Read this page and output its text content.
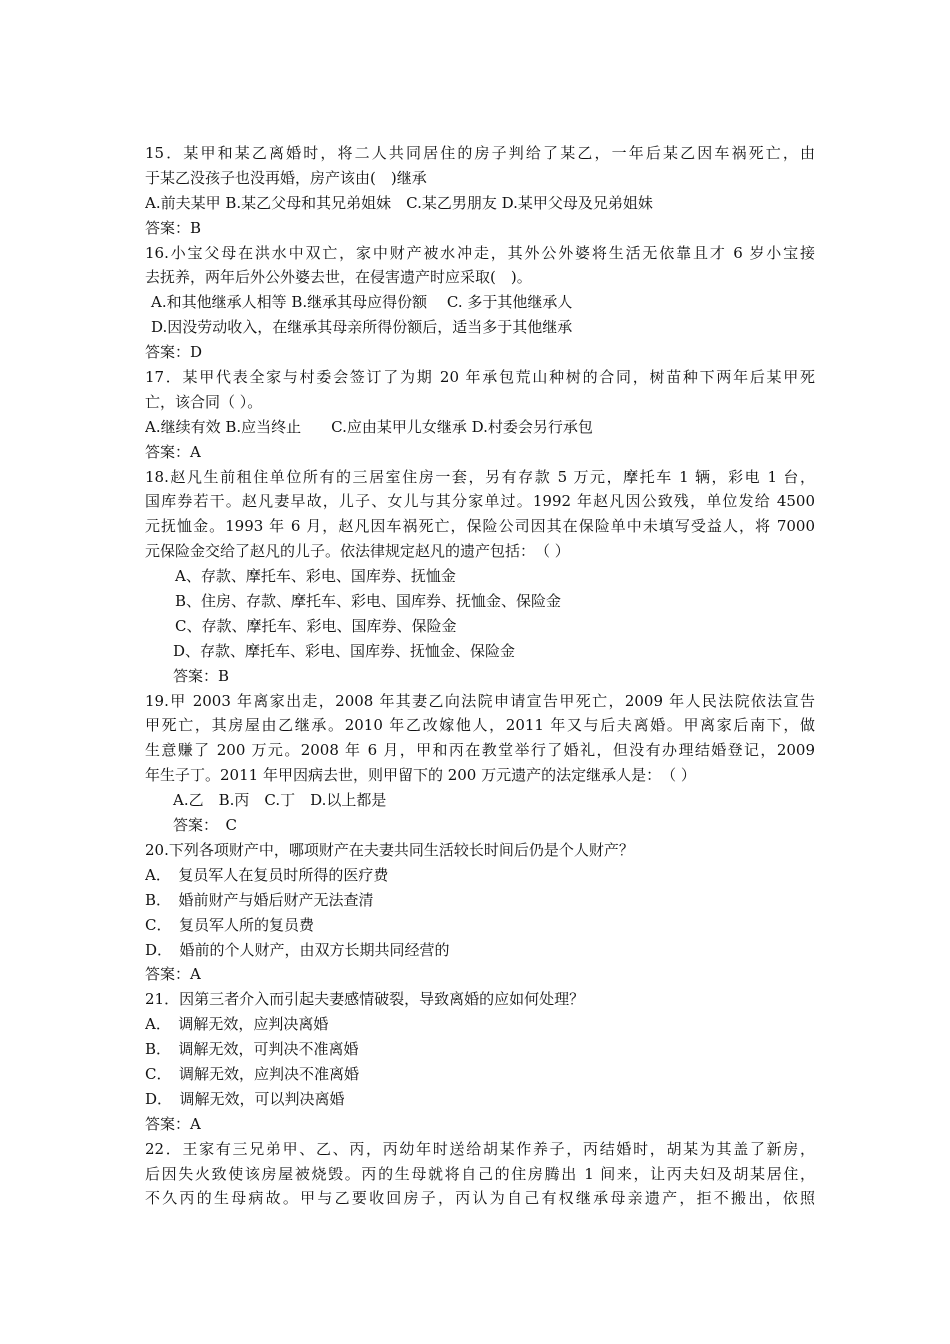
15．某甲和某乙离婚时，将二人共同居住的房子判给了某乙，一年后某乙因车祸死亡，由
于某乙没孩子也没再婚，房产该由(　)继承
A.前夫某甲 B.某乙父母和其兄弟姐妹　C.某乙男朋友 D.某甲父母及兄弟姐妹
答案：B
16.小宝父母在洪水中双亡，家中财产被水冲走，其外公外婆将生活无依靠且才 6 岁小宝接
去抚养，两年后外公外婆去世，在侵害遗产时应采取(　)。
A.和其他继承人相等 B.继承其母应得份额　 C. 多于其他继承人
D.因没劳动收入，在继承其母亲所得份额后，适当多于其他继承
答案：D
17．某甲代表全家与村委会签订了为期 20 年承包荒山种树的合同，树苗种下两年后某甲死
亡，该合同（ ）。
A.继续有效 B.应当终止　　C.应由某甲儿女继承 D.村委会另行承包
答案：A
18.赵凡生前租住单位所有的三居室住房一套，另有存款 5 万元，摩托车 1 辆，彩电 1 台，
国库券若干。赵凡妻早故，儿子、女儿与其分家单过。1992 年赵凡因公致残，单位发给 4500
元抚恤金。1993 年 6 月，赵凡因车祸死亡，保险公司因其在保险单中未填写受益人，将 7000
元保险金交给了赵凡的儿子。依法律规定赵凡的遗产包括：　（ ）
A、存款、摩托车、彩电、国库券、抚恤金
B、住房、存款、摩托车、彩电、国库券、抚恤金、保险金
C、存款、摩托车、彩电、国库券、保险金
D、存款、摩托车、彩电、国库券、抚恤金、保险金
答案：B
19.甲 2003 年离家出走，2008 年其妻乙向法院申请宣告甲死亡，2009 年人民法院依法宣告
甲死亡，其房屋由乙继承。2010 年乙改嫁他人，2011 年又与后夫离婚。甲离家后南下，做
生意赚了 200 万元。2008 年 6 月，甲和丙在教堂举行了婚礼，但没有办理结婚登记，2009
年生子丁。2011 年甲因病去世，则甲留下的 200 万元遗产的法定继承人是：　（ ）
A.乙　B.丙　C.丁　D.以上都是
答案：　C
20.下列各项财产中，哪项财产在夫妻共同生活较长时间后仍是个人财产？
A．　复员军人在复员时所得的医疗费
B．　婚前财产与婚后财产无法查清
C．　复员军人所的复员费
D．　婚前的个人财产，由双方长期共同经营的
答案：A
21．因第三者介入而引起夫妻感情破裂，导致离婚的应如何处理？
A．　调解无效，应判决离婚
B．　调解无效，可判决不准离婚
C．　调解无效，应判决不准离婚
D．　调解无效，可以判决离婚
答案：A
22．王家有三兄弟甲、乙、丙，丙幼年时送给胡某作养子，丙结婚时，胡某为其盖了新房，
后因失火致使该房屋被烧毁。丙的生母就将自己的住房腾出 1 间来，让丙夫妇及胡某居住，
不久丙的生母病故。甲与乙要收回房子，丙认为自己有权继承母亲遗产，拒不搬出，依照
